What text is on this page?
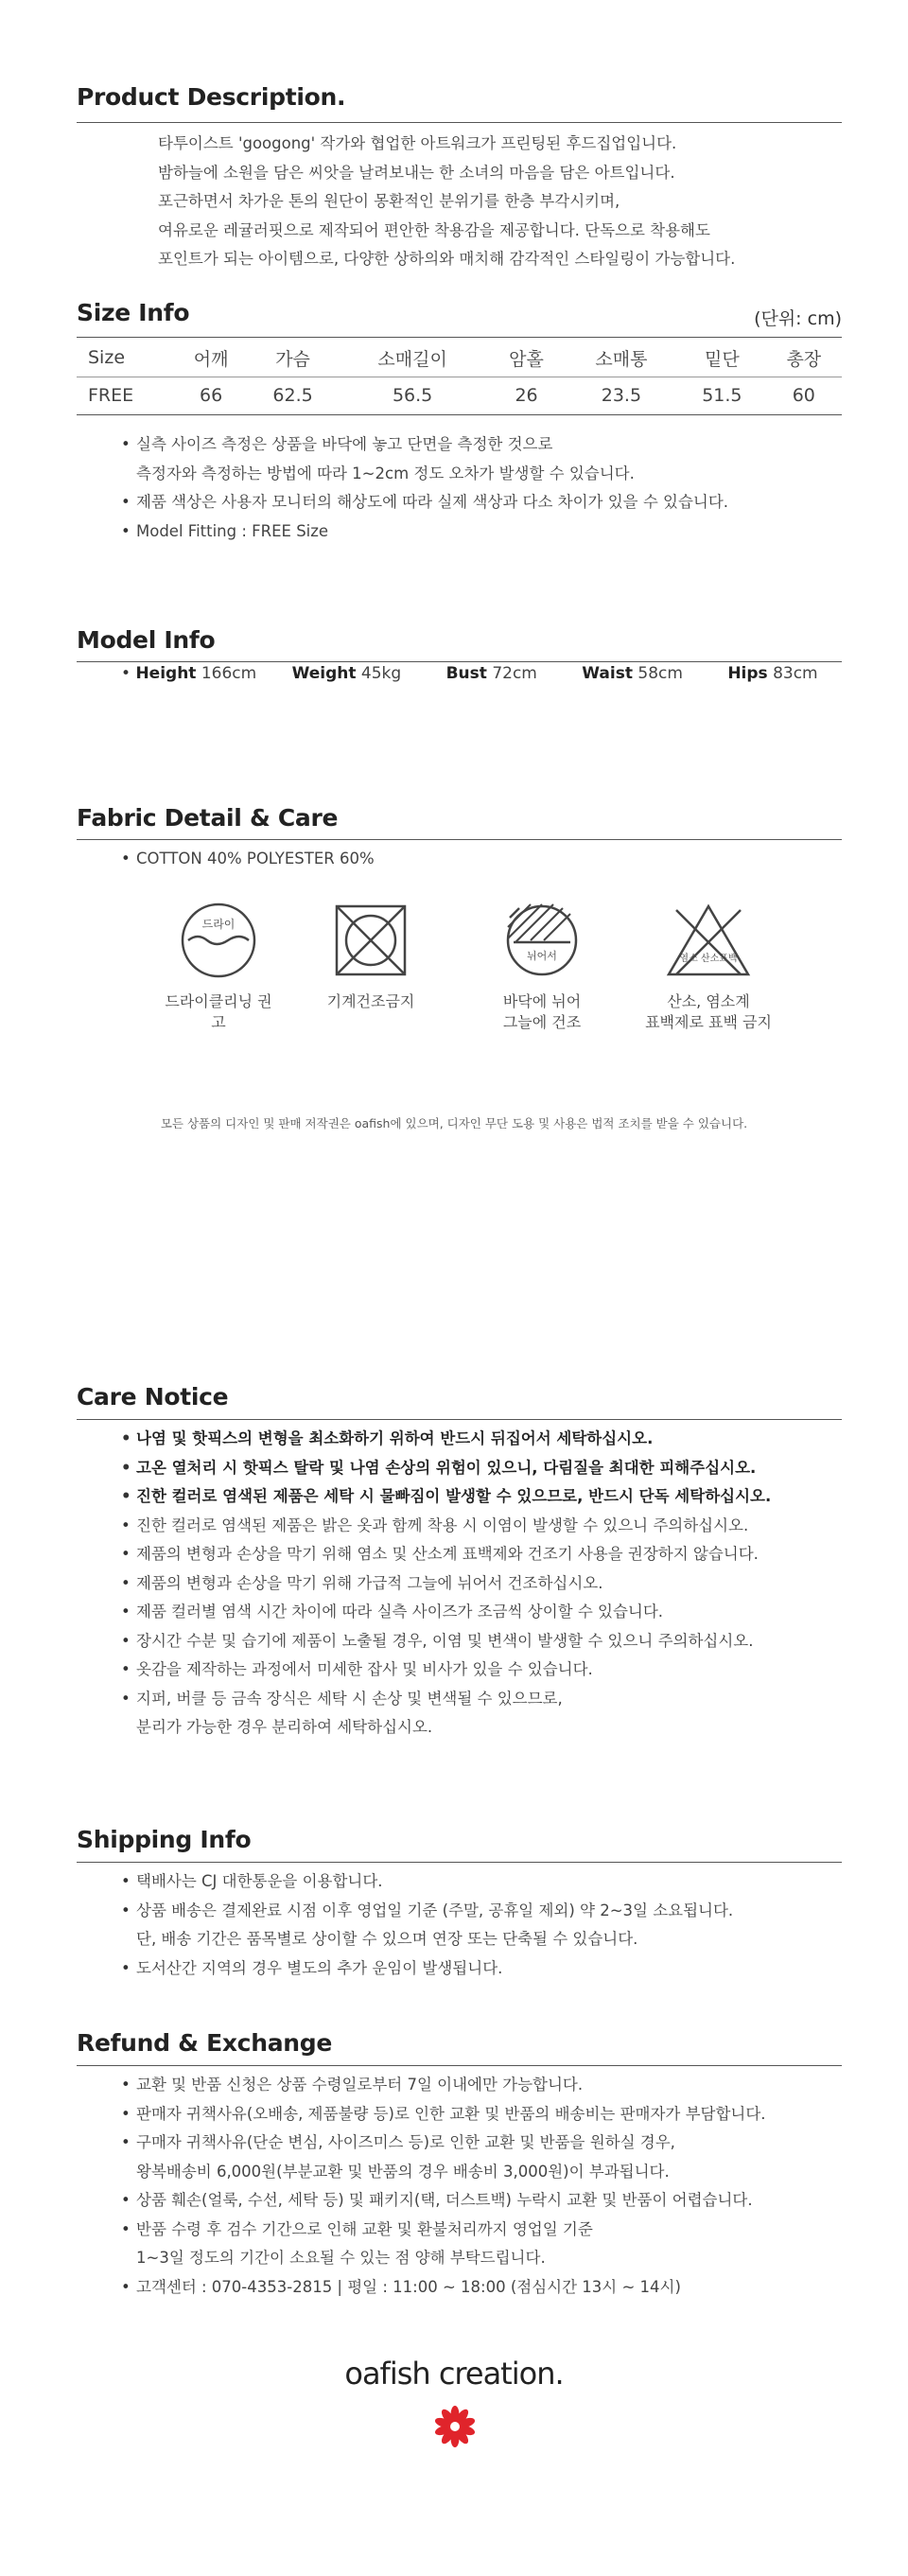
Product Description.
타투이스트 'googong' 작가와 협업한 아트워크가 프린팅된 후드집업입니다.
밤하늘에 소원을 담은 씨앗을 날려보내는 한 소녀의 마음을 담은 아트입니다.
포근하면서 차가운 톤의 원단이 몽환적인 분위기를 한층 부각시키며,
여유로운 레귤러핏으로 제작되어 편안한 착용감을 제공합니다. 단독으로 착용해도
포인트가 되는 아이템으로, 다양한 상하의와 매치해 감각적인 스타일링이 가능합니다.
Size Info	(단위: cm)
Size	어깨	가슴	소매길이	암홀	소매통	밑단	총장
FREE	66	62.5	56.5	26	23.5	51.5	60
• 실측 사이즈 측정은 상품을 바닥에 놓고 단면을 측정한 것으로
측정자와 측정하는 방법에 따라 1~2cm 정도 오차가 발생할 수 있습니다.
• 제품 색상은 사용자 모니터의 해상도에 따라 실제 색상과 다소 차이가 있을 수 있습니다.
• Model Fitting : FREE Size
Model Info
• Height 166cm Weight 45kg	Bust 72cm	Waist 58cm	Hips 83cm
Fabric Detail & Care
• COTTON 40% POLYESTER 60%
드라이
드라이클리닝 권고
기계건조금지
뉘어서
바닥에 뉘어
그늘에 건조
염소 산소표백
산소, 염소계
표백제로 표백 금지
모든 상품의 디자인 및 판매 저작권은 oafish에 있으며, 디자인 무단 도용 및 사용은 법적 조치를 받을 수 있습니다.
Care Notice
• 나염 및 핫픽스의 변형을 최소화하기 위하여 반드시 뒤집어서 세탁하십시오.
• 고온 열처리 시 핫픽스 탈락 및 나염 손상의 위험이 있으니, 다림질을 최대한 피해주십시오.
• 진한 컬러로 염색된 제품은 세탁 시 물빠짐이 발생할 수 있으므로, 반드시 단독 세탁하십시오.
• 진한 컬러로 염색된 제품은 밝은 옷과 함께 착용 시 이염이 발생할 수 있으니 주의하십시오.
• 제품의 변형과 손상을 막기 위해 염소 및 산소계 표백제와 건조기 사용을 권장하지 않습니다.
• 제품의 변형과 손상을 막기 위해 가급적 그늘에 뉘어서 건조하십시오.
• 제품 컬러별 염색 시간 차이에 따라 실측 사이즈가 조금씩 상이할 수 있습니다.
• 장시간 수분 및 습기에 제품이 노출될 경우, 이염 및 변색이 발생할 수 있으니 주의하십시오.
• 옷감을 제작하는 과정에서 미세한 잡사 및 비사가 있을 수 있습니다.
• 지퍼, 버클 등 금속 장식은 세탁 시 손상 및 변색될 수 있으므로,
분리가 가능한 경우 분리하여 세탁하십시오.
Shipping Info
• 택배사는 CJ 대한통운을 이용합니다.
• 상품 배송은 결제완료 시점 이후 영업일 기준 (주말, 공휴일 제외) 약 2~3일 소요됩니다.
단, 배송 기간은 품목별로 상이할 수 있으며 연장 또는 단축될 수 있습니다.
• 도서산간 지역의 경우 별도의 추가 운임이 발생됩니다.
Refund & Exchange
• 교환 및 반품 신청은 상품 수령일로부터 7일 이내에만 가능합니다.
• 판매자 귀책사유(오배송, 제품불량 등)로 인한 교환 및 반품의 배송비는 판매자가 부담합니다.
• 구매자 귀책사유(단순 변심, 사이즈미스 등)로 인한 교환 및 반품을 원하실 경우,
왕복배송비 6,000원(부분교환 및 반품의 경우 배송비 3,000원)이 부과됩니다.
• 상품 훼손(얼룩, 수선, 세탁 등) 및 패키지(택, 더스트백) 누락시 교환 및 반품이 어렵습니다.
• 반품 수령 후 검수 기간으로 인해 교환 및 환불처리까지 영업일 기준
1~3일 정도의 기간이 소요될 수 있는 점 양해 부탁드립니다.
• 고객센터 : 070-4353-2815 | 평일 : 11:00 ~ 18:00 (점심시간 13시 ~ 14시)
oafish creation.
